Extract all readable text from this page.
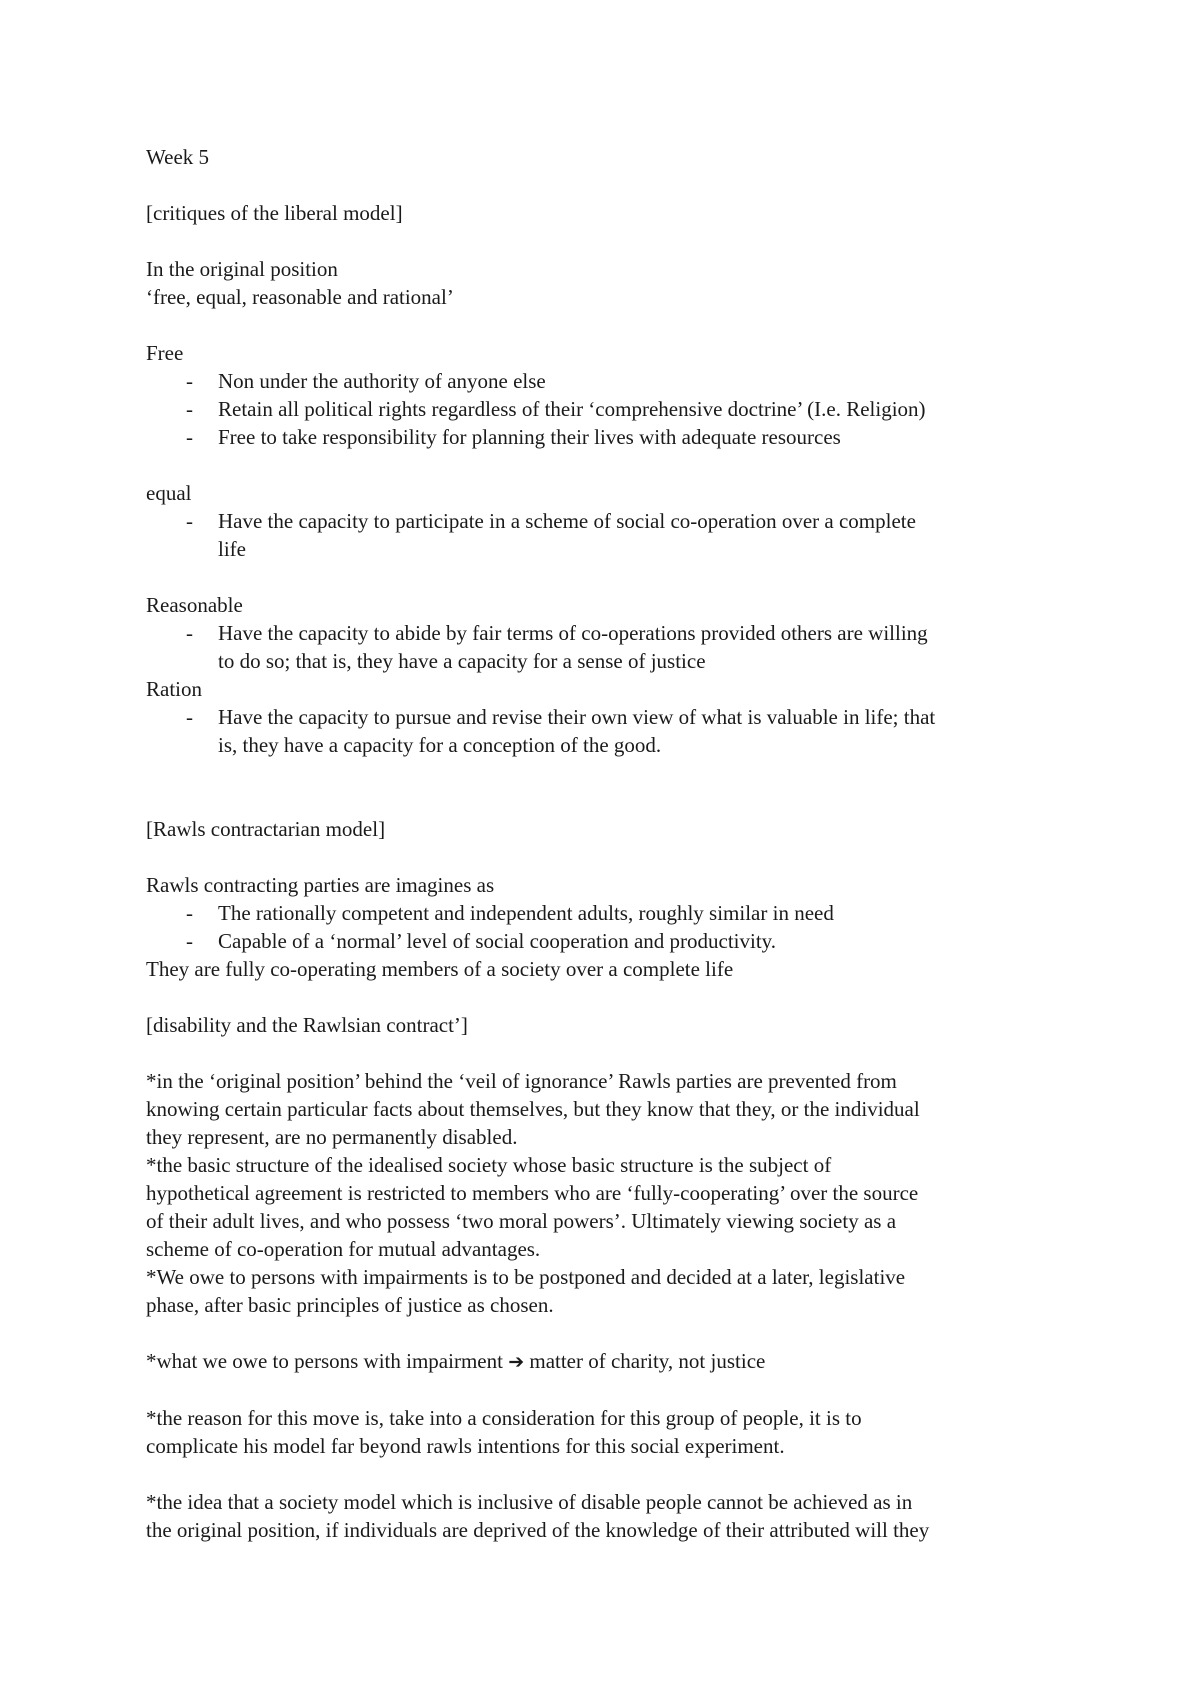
Week 5
[critiques of the liberal model]
In the original position
‘free, equal, reasonable and rational’
Free
- Non under the authority of anyone else
- Retain all political rights regardless of their ‘comprehensive doctrine’ (I.e. Religion)
- Free to take responsibility for planning their lives with adequate resources
equal
- Have the capacity to participate in a scheme of social co-operation over a complete
life
Reasonable
- Have the capacity to abide by fair terms of co-operations provided others are willing
to do so; that is, they have a capacity for a sense of justice
Ration
- Have the capacity to pursue and revise their own view of what is valuable in life; that
is, they have a capacity for a conception of the good.
[Rawls contractarian model]
Rawls contracting parties are imagines as
- The rationally competent and independent adults, roughly similar in need
- Capable of a ‘normal’ level of social cooperation and productivity.
They are fully co-operating members of a society over a complete life
[disability and the Rawlsian contract’]
*in the ‘original position’ behind the ‘veil of ignorance’ Rawls parties are prevented from
knowing certain particular facts about themselves, but they know that they, or the individual
they represent, are no permanently disabled.
*the basic structure of the idealised society whose basic structure is the subject of
hypothetical agreement is restricted to members who are ‘fully-cooperating’ over the source
of their adult lives, and who possess ‘two moral powers’. Ultimately viewing society as a
scheme of co-operation for mutual advantages.
*We owe to persons with impairments is to be postponed and decided at a later, legislative
phase, after basic principles of justice as chosen.
*what we owe to persons with impairment ➔ matter of charity, not justice
*the reason for this move is, take into a consideration for this group of people, it is to
complicate his model far beyond rawls intentions for this social experiment.
*the idea that a society model which is inclusive of disable people cannot be achieved as in
the original position, if individuals are deprived of the knowledge of their attributed will they
